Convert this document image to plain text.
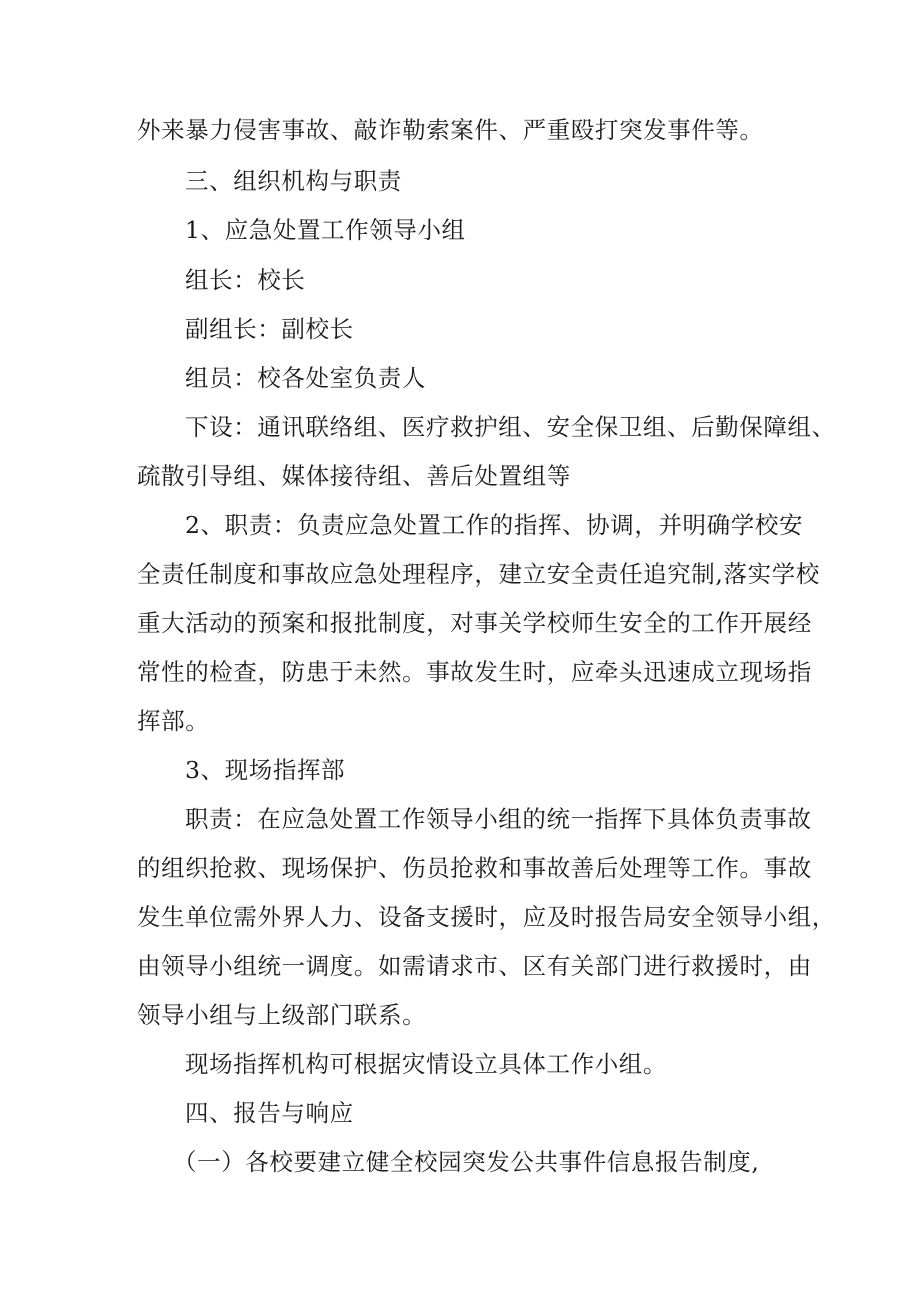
外来暴力侵害事故、敲诈勒索案件、严重殴打突发事件等。

三、组织机构与职责

1、应急处置工作领导小组

组长：校长

副组长：副校长

组员：校各处室负责人

下设：通讯联络组、医疗救护组、安全保卫组、后勤保障组、

疏散引导组、媒体接待组、善后处置组等

2、职责：负责应急处置工作的指挥、协调，并明确学校安

全责任制度和事故应急处理程序，建立安全责任追究制,落实学校

重大活动的预案和报批制度，对事关学校师生安全的工作开展经

常性的检查，防患于未然。事故发生时，应牵头迅速成立现场指

挥部。

3、现场指挥部

职责：在应急处置工作领导小组的统一指挥下具体负责事故

的组织抢救、现场保护、伤员抢救和事故善后处理等工作。事故

发生单位需外界人力、设备支援时，应及时报告局安全领导小组，

由领导小组统一调度。如需请求市、区有关部门进行救援时，由

领导小组与上级部门联系。

现场指挥机构可根据灾情设立具体工作小组。

四、报告与响应

（一）各校要建立健全校园突发公共事件信息报告制度,
